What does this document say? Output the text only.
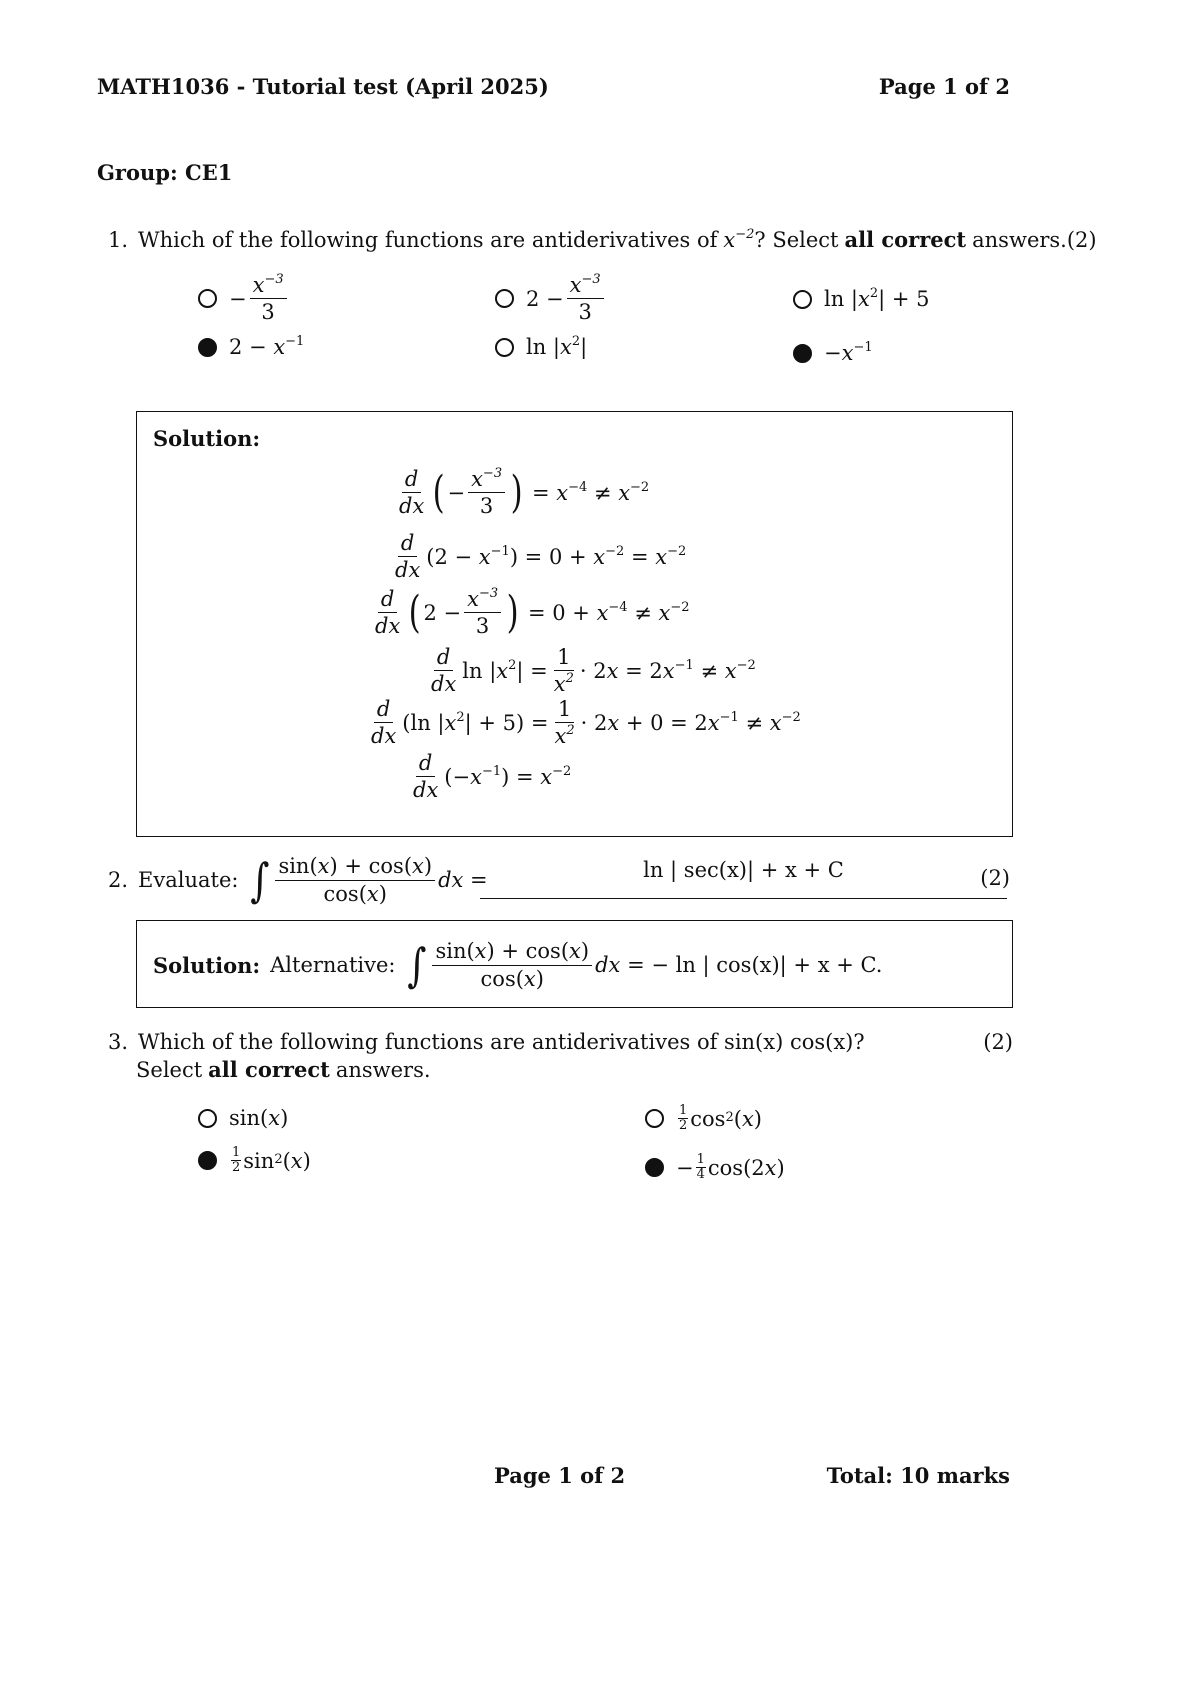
MATH1036 - Tutorial test (April 2025)	Page 1 of 2
Group: CE1
1. Which of the following functions are antiderivatives of $x^{-2}$ ? Select all correct answers. (2)
− $\frac{x^{-3}}{3}$	$2 - \frac{x^{-3}}{3}$	$\ln |x^2| + 5$
$2 - x^{-1}$	$\ln |x^2|$	$-x^{-1}$
Solution:
$\frac{d}{dx}$ ( − $\frac{x^{-3}}{3}$ ) = $x^{-4} \ne x^{-2}$
$\frac{d}{dx} (2 - x^{-1}) = 0 + x^{-2} = x^{-2}$
$\frac{d}{dx}$ ( $2 - \frac{x^{-3}}{3}$ ) = $0 + x^{-4} \ne x^{-2}$
$\frac{d}{dx}$ $\ln |x^2| = \frac{1}{x^2} \cdot 2x = 2x^{-1} \ne x^{-2}$
$\frac{d}{dx} (\ln$ $|x^2| + 5) = \frac{1}{x^2} \cdot 2x + 0 = 2x^{-1} \ne x^{-2}$
$\frac{d}{dx} (-x^{-1}) = x^{-2}$
2. Evaluate: ∫ $\frac{\sin(x) + \cos(x)}{\cos(x)}$ dx =	ln | sec(x)| + x + C	(2)
Solution: Alternative: ∫ $\frac{\sin(x) + \cos(x)}{\cos(x)}$ dx
= − ln | cos(x)| + x + C.
3. Which of the following functions are antiderivatives of sin(x) cos(x)?	(2)
Select all correct answers.
sin(x)	$\frac{1}{2} \cos^2$ ( x )
$\frac{1}{2} \sin^2$ ( x )	− $\frac{1}{4} \cos(2$ x )
Page 1 of 2	Total: 10 marks
